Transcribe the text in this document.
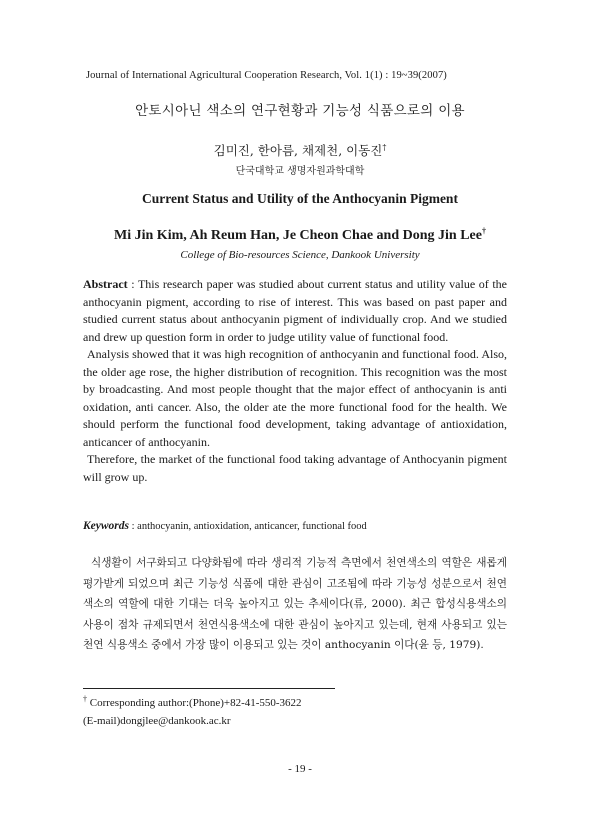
Journal of International Agricultural Cooperation Research, Vol. 1(1) : 19~39(2007)
안토시아닌 색소의 연구현황과 기능성 식품으로의 이용
김미진, 한아름, 채제천, 이동진†
단국대학교 생명자원과학대학
Current Status and Utility of the Anthocyanin Pigment
Mi Jin Kim, Ah Reum Han, Je Cheon Chae and Dong Jin Lee†
College of Bio-resources Science, Dankook University

Abstract : This research paper was studied about current status and utility value of the anthocyanin pigment, according to rise of interest. This was based on past paper and studied current status about anthocyanin pigment of individually crop. And we studied and drew up question form in order to judge utility value of functional food.

Analysis showed that it was high recognition of anthocyanin and functional food. Also, the older age rose, the higher distribution of recognition. This recognition was the most by broadcasting. And most people thought that the major effect of anthocyanin is anti oxidation, anti cancer. Also, the older ate the more functional food for the health. We should perform the functional food development, taking advantage of antioxidation, anticancer of anthocyanin.

Therefore, the market of the functional food taking advantage of Anthocyanin pigment will grow up.

Keywords : anthocyanin, antioxidation, anticancer, functional food

식생활이 서구화되고 다양화됨에 따라 생리적 기능적 측면에서 천연색소의 역할은 새롭게 평가받게 되었으며 최근 기능성 식품에 대한 관심이 고조됨에 따라 기능성 성분으로서 천연색소의 역할에 대한 기대는 더욱 높아지고 있는 추세이다(류, 2000). 최근 합성식용색소의 사용이 점차 규제되면서 천연식용색소에 대한 관심이 높아지고 있는데, 현재 사용되고 있는 천연 식용색소 중에서 가장 많이 이용되고 있는 것이 anthocyanin 이다(윤 등, 1979).

† Corresponding author:(Phone)+82-41-550-3622
(E-mail)dongjlee@dankook.ac.kr
- 19 -
